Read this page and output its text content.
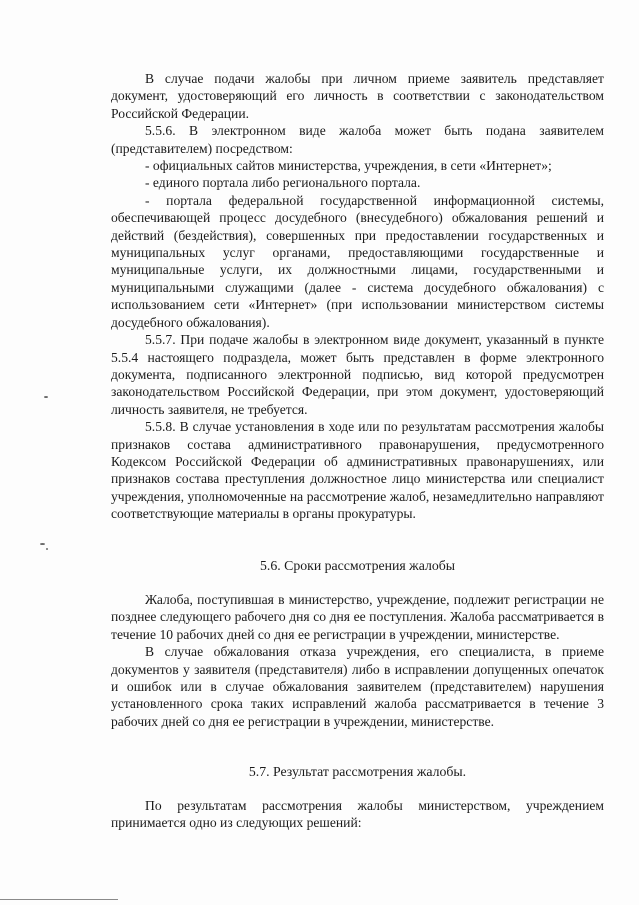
В случае подачи жалобы при личном приеме заявитель представляет документ, удостоверяющий его личность в соответствии с законодательством Российской Федерации.

5.5.6. В электронном виде жалоба может быть подана заявителем (представителем) посредством:

- официальных сайтов министерства, учреждения, в сети «Интернет»;

- единого портала либо регионального портала.

- портала федеральной государственной информационной системы, обеспечивающей процесс досудебного (внесудебного) обжалования решений и действий (бездействия), совершенных при предоставлении государственных и муниципальных услуг органами, предоставляющими государственные и муниципальные услуги, их должностными лицами, государственными и муниципальными служащими (далее - система досудебного обжалования) с использованием сети «Интернет» (при использовании министерством системы досудебного обжалования).

5.5.7. При подаче жалобы в электронном виде документ, указанный в пункте 5.5.4 настоящего подраздела, может быть представлен в форме электронного документа, подписанного электронной подписью, вид которой предусмотрен законодательством Российской Федерации, при этом документ, удостоверяющий личность заявителя, не требуется.

5.5.8. В случае установления в ходе или по результатам рассмотрения жалобы признаков состава административного правонарушения, предусмотренного Кодексом Российской Федерации об административных правонарушениях, или признаков состава преступления должностное лицо министерства или специалист учреждения, уполномоченные на рассмотрение жалоб, незамедлительно направляют соответствующие материалы в органы прокуратуры.

5.6. Сроки рассмотрения жалобы

Жалоба, поступившая в министерство, учреждение, подлежит регистрации не позднее следующего рабочего дня со дня ее поступления. Жалоба рассматривается в течение 10 рабочих дней со дня ее регистрации в учреждении, министерстве.

В случае обжалования отказа учреждения, его специалиста, в приеме документов у заявителя (представителя) либо в исправлении допущенных опечаток и ошибок или в случае обжалования заявителем (представителем) нарушения установленного срока таких исправлений жалоба рассматривается в течение 3 рабочих дней со дня ее регистрации в учреждении, министерстве.

5.7. Результат рассмотрения жалобы.

По результатам рассмотрения жалобы министерством, учреждением принимается одно из следующих решений:
